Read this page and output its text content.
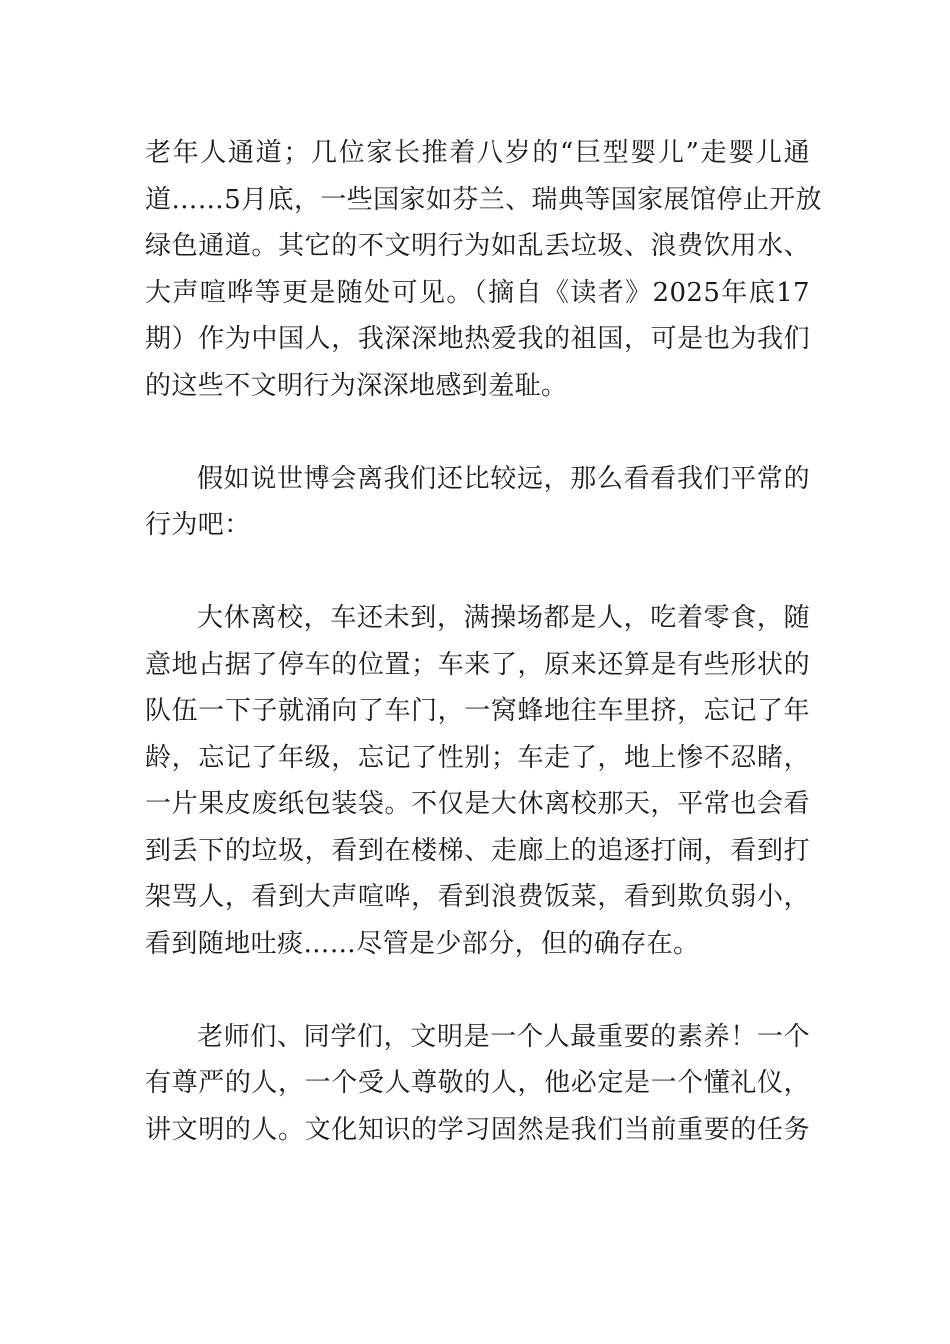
老年人通道；几位家长推着八岁的“巨型婴儿”走婴儿通
道……5月底，一些国家如芬兰、瑞典等国家展馆停止开放
绿色通道。其它的不文明行为如乱丢垃圾、浪费饮用水、
大声喧哗等更是随处可见。（摘自《读者》2025年底17
期）作为中国人，我深深地热爱我的祖国，可是也为我们
的这些不文明行为深深地感到羞耻。

假如说世博会离我们还比较远，那么看看我们平常的
行为吧：

大休离校，车还未到，满操场都是人，吃着零食，随
意地占据了停车的位置；车来了，原来还算是有些形状的
队伍一下子就涌向了车门，一窝蜂地往车里挤，忘记了年
龄，忘记了年级，忘记了性别；车走了，地上惨不忍睹，
一片果皮废纸包装袋。不仅是大休离校那天，平常也会看
到丢下的垃圾，看到在楼梯、走廊上的追逐打闹，看到打
架骂人，看到大声喧哗，看到浪费饭菜，看到欺负弱小，
看到随地吐痰……尽管是少部分，但的确存在。

老师们、同学们，文明是一个人最重要的素养！一个
有尊严的人，一个受人尊敬的人，他必定是一个懂礼仪，
讲文明的人。文化知识的学习固然是我们当前重要的任务
